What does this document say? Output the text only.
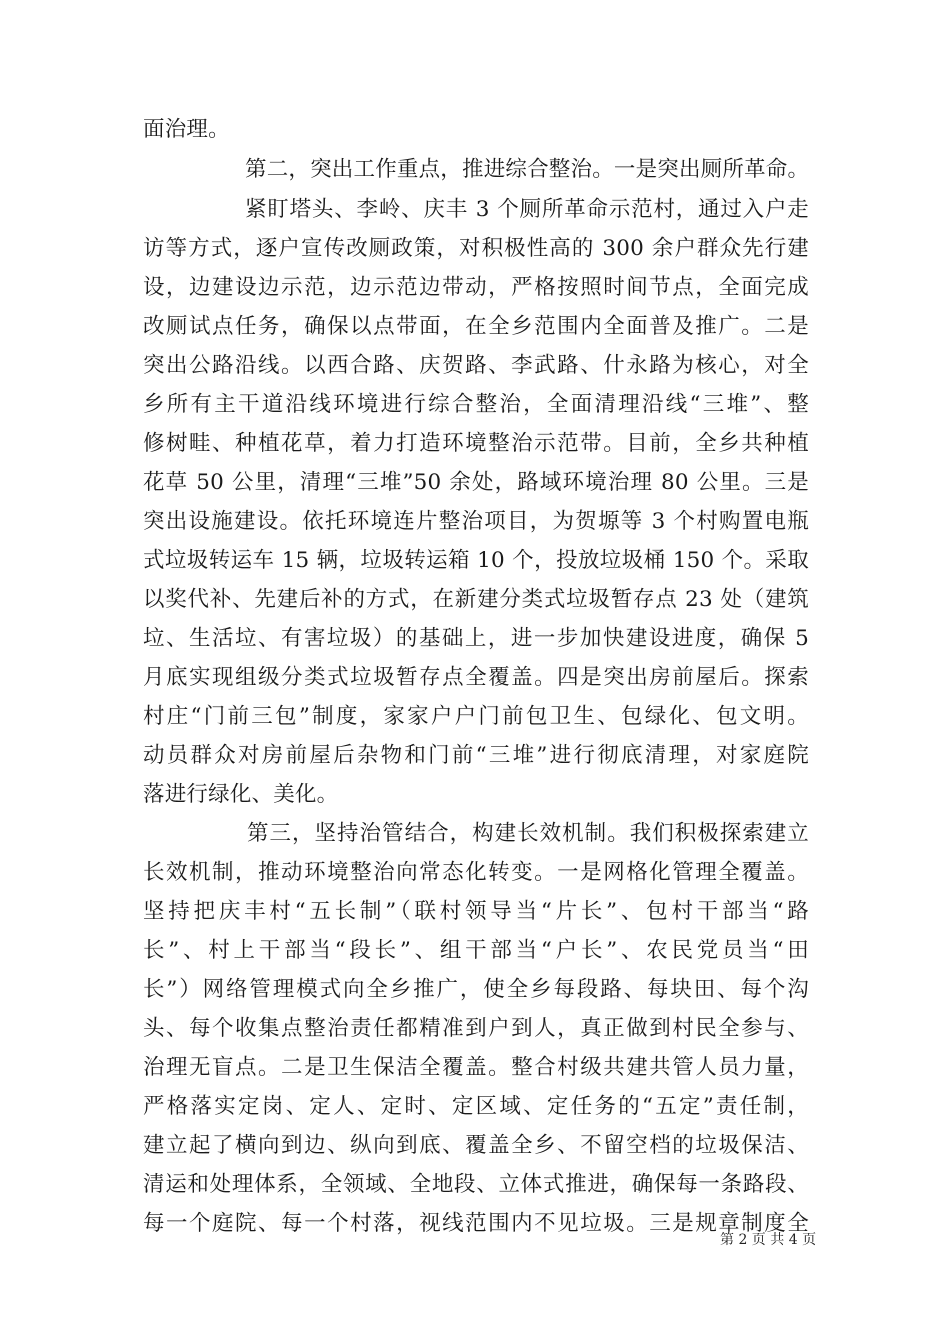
面治理。
第二，突出工作重点，推进综合整治。一是突出厕所革命。
紧盯塔头、李岭、庆丰 3 个厕所革命示范村，通过入户走
访等方式，逐户宣传改厕政策，对积极性高的 300 余户群众先行建
设，边建设边示范，边示范边带动，严格按照时间节点，全面完成
改厕试点任务，确保以点带面，在全乡范围内全面普及推广。二是
突出公路沿线。以西合路、庆贺路、李武路、什永路为核心，对全
乡所有主干道沿线环境进行综合整治，全面清理沿线“三堆”、整
修树畦、种植花草，着力打造环境整治示范带。目前，全乡共种植
花草 50 公里，清理“三堆”50 余处，路域环境治理 80 公里。三是
突出设施建设。依托环境连片整治项目，为贺塬等 3 个村购置电瓶
式垃圾转运车 15 辆，垃圾转运箱 10 个，投放垃圾桶 150 个。采取
以奖代补、先建后补的方式，在新建分类式垃圾暂存点 23 处（建筑
垃、生活垃、有害垃圾）的基础上，进一步加快建设进度，确保 5
月底实现组级分类式垃圾暂存点全覆盖。四是突出房前屋后。探索
村庄“门前三包”制度，家家户户门前包卫生、包绿化、包文明。
动员群众对房前屋后杂物和门前“三堆”进行彻底清理，对家庭院
落进行绿化、美化。
第三，坚持治管结合，构建长效机制。我们积极探索建立
长效机制，推动环境整治向常态化转变。一是网格化管理全覆盖。
坚持把庆丰村“五长制”（联村领导当“片长”、包村干部当“路
长”、村上干部当“段长”、组干部当“户长”、农民党员当“田
长”）网络管理模式向全乡推广，使全乡每段路、每块田、每个沟
头、每个收集点整治责任都精准到户到人，真正做到村民全参与、
治理无盲点。二是卫生保洁全覆盖。整合村级共建共管人员力量，
严格落实定岗、定人、定时、定区域、定任务的“五定”责任制，
建立起了横向到边、纵向到底、覆盖全乡、不留空档的垃圾保洁、
清运和处理体系，全领域、全地段、立体式推进，确保每一条路段、
每一个庭院、每一个村落，视线范围内不见垃圾。三是规章制度全
第 2 页 共 4 页
